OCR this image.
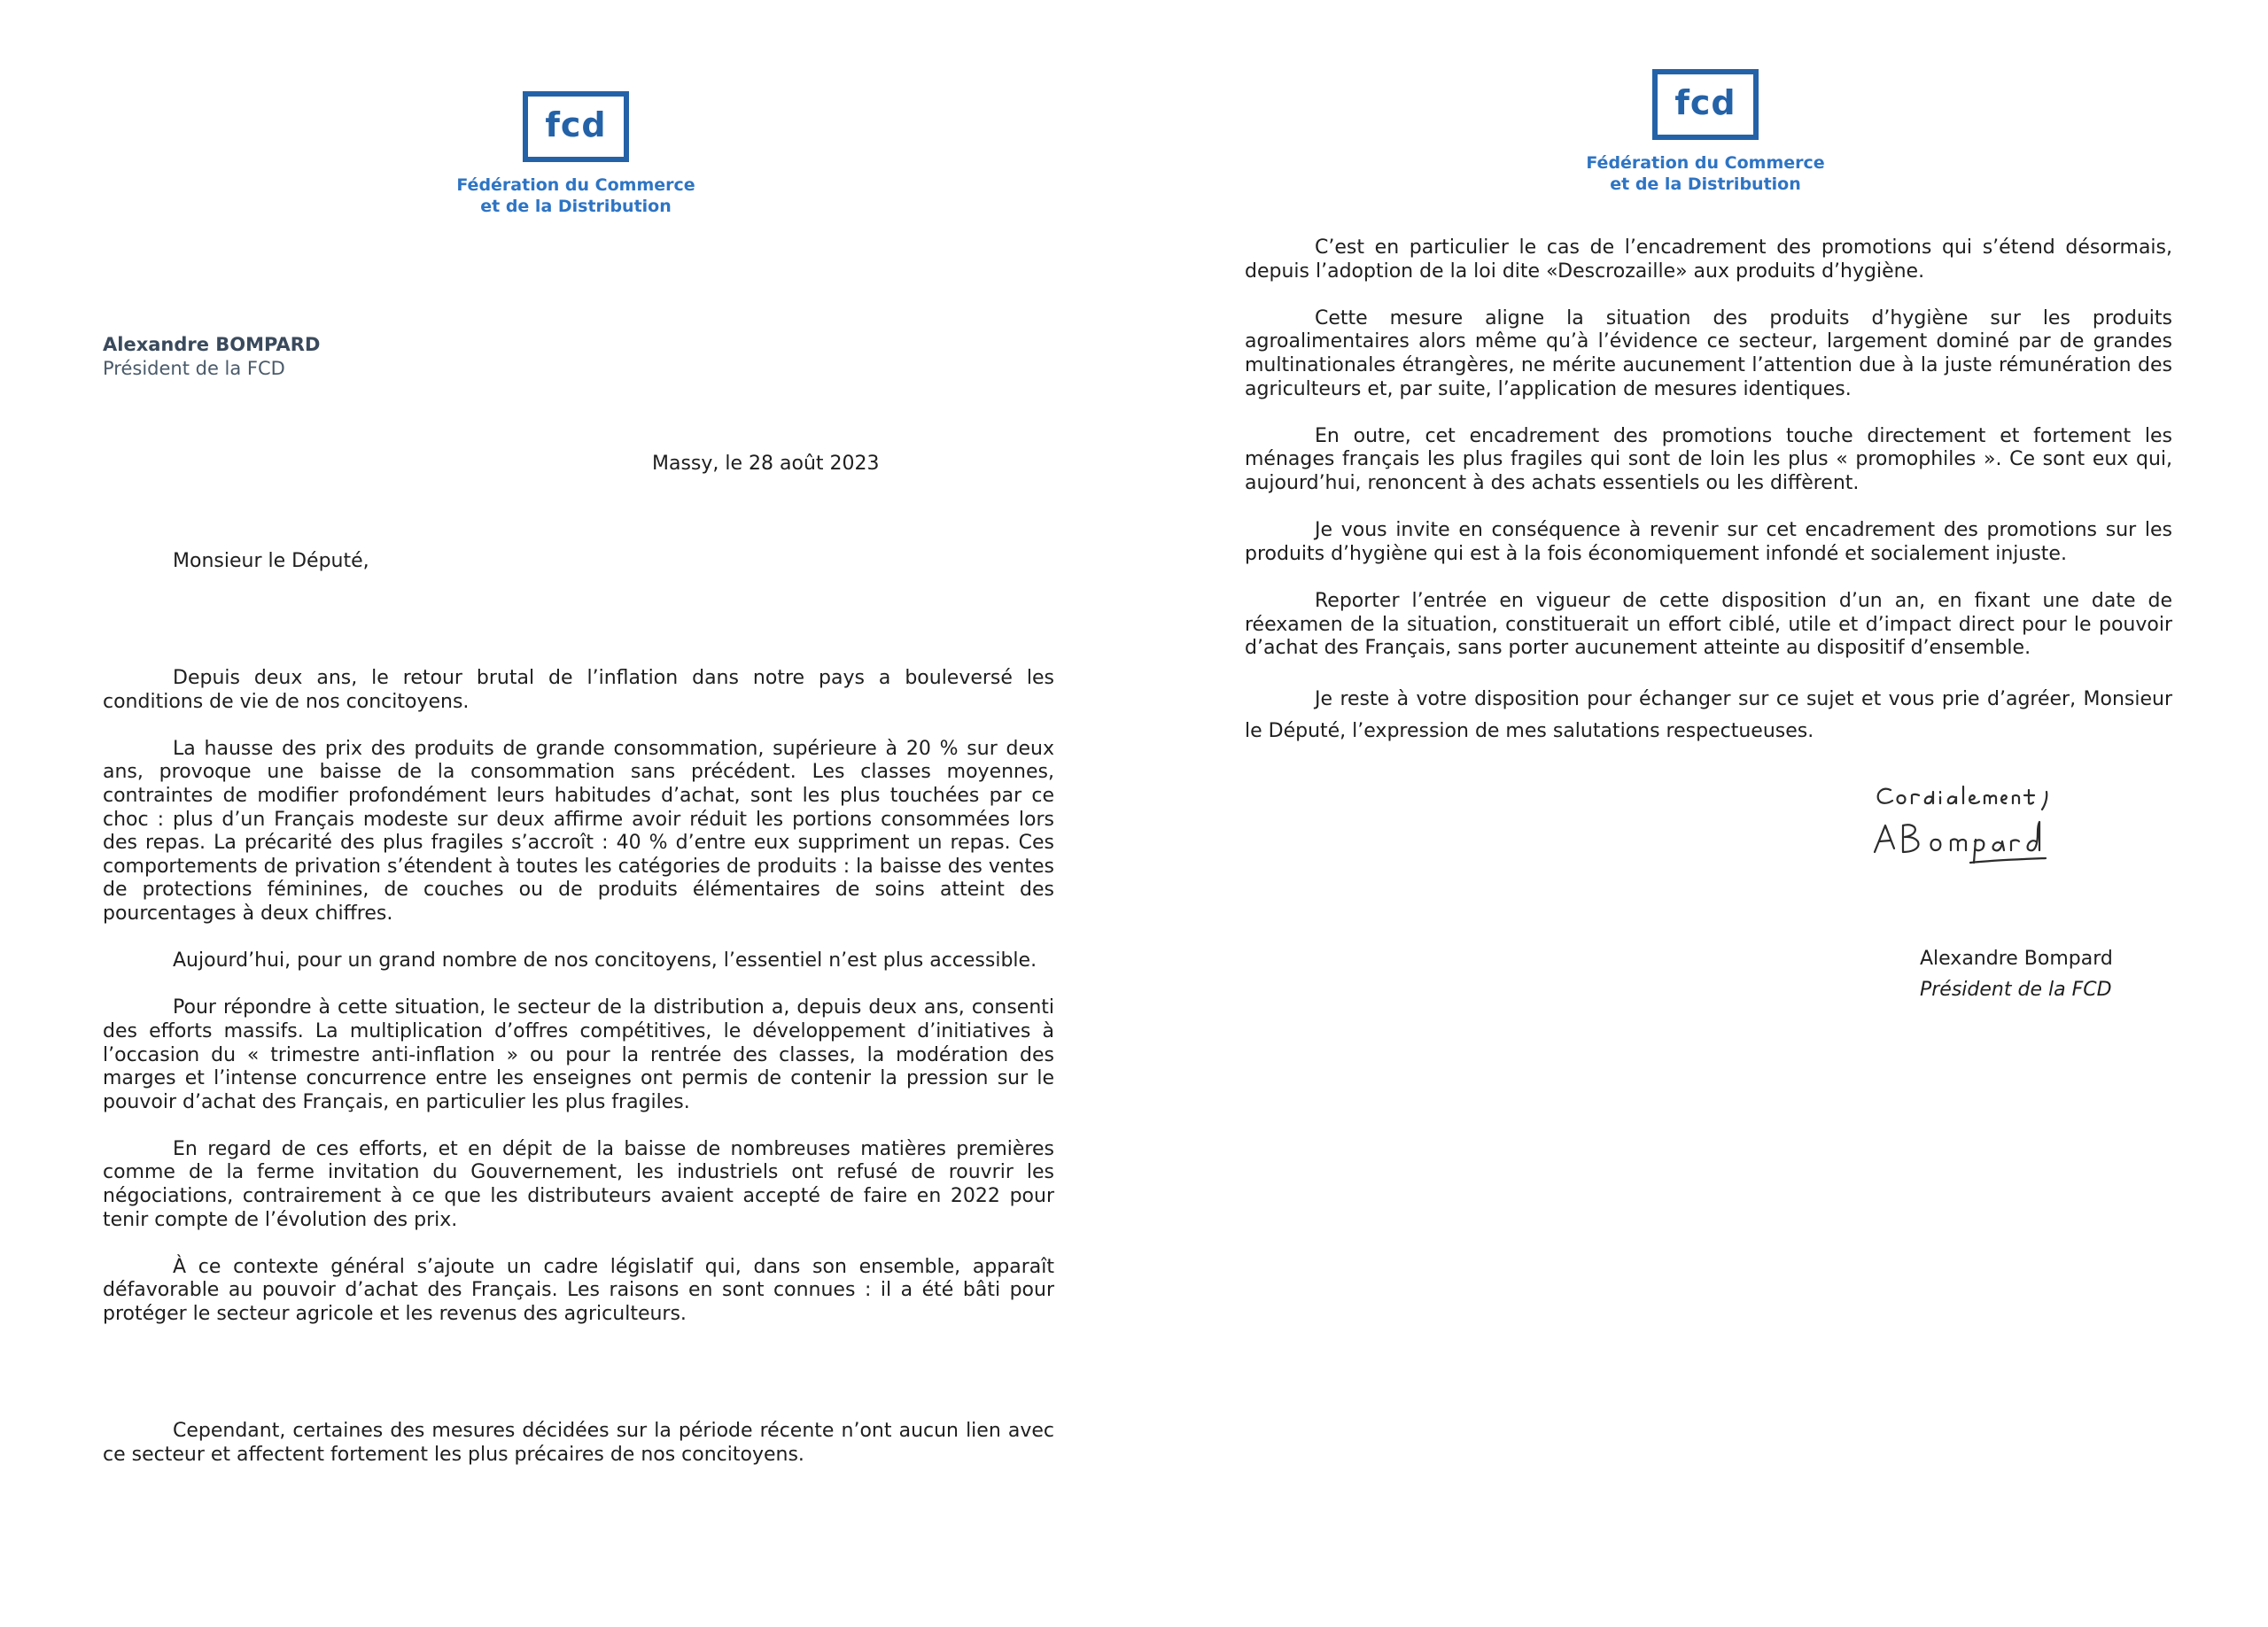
fcd
Fédération du Commerce
et de la Distribution
Alexandre BOMPARD
Président de la FCD
Massy, le 28 août 2023
Monsieur le Député,

Depuis deux ans, le retour brutal de l’inflation dans notre pays a bouleversé les conditions de vie de nos concitoyens.

La hausse des prix des produits de grande consommation, supérieure à 20 % sur deux ans, provoque une baisse de la consommation sans précédent. Les classes moyennes, contraintes de modifier profondément leurs habitudes d’achat, sont les plus touchées par ce choc : plus d’un Français modeste sur deux affirme avoir réduit les portions consommées lors des repas. La précarité des plus fragiles s’accroît : 40 % d’entre eux suppriment un repas. Ces comportements de privation s’étendent à toutes les catégories de produits : la baisse des ventes de protections féminines, de couches ou de produits élémentaires de soins atteint des pourcentages à deux chiffres.

Aujourd’hui, pour un grand nombre de nos concitoyens, l’essentiel n’est plus accessible.

Pour répondre à cette situation, le secteur de la distribution a, depuis deux ans, consenti des efforts massifs. La multiplication d’offres compétitives, le développement d’initiatives à l’occasion du « trimestre anti-inflation » ou pour la rentrée des classes, la modération des marges et l’intense concurrence entre les enseignes ont permis de contenir la pression sur le pouvoir d’achat des Français, en particulier les plus fragiles.

En regard de ces efforts, et en dépit de la baisse de nombreuses matières premières comme de la ferme invitation du Gouvernement, les industriels ont refusé de rouvrir les négociations, contrairement à ce que les distributeurs avaient accepté de faire en 2022 pour tenir compte de l’évolution des prix.

À ce contexte général s’ajoute un cadre législatif qui, dans son ensemble, apparaît défavorable au pouvoir d’achat des Français. Les raisons en sont connues : il a été bâti pour protéger le secteur agricole et les revenus des agriculteurs.

Cependant, certaines des mesures décidées sur la période récente n’ont aucun lien avec ce secteur et affectent fortement les plus précaires de nos concitoyens.

fcd
Fédération du Commerce
et de la Distribution

C’est en particulier le cas de l’encadrement des promotions qui s’étend désormais, depuis l’adoption de la loi dite «Descrozaille» aux produits d’hygiène.

Cette mesure aligne la situation des produits d’hygiène sur les produits agroalimentaires alors même qu’à l’évidence ce secteur, largement dominé par de grandes multinationales étrangères, ne mérite aucunement l’attention due à la juste rémunération des agriculteurs et, par suite, l’application de mesures identiques.

En outre, cet encadrement des promotions touche directement et fortement les ménages français les plus fragiles qui sont de loin les plus « promophiles ». Ce sont eux qui, aujourd’hui, renoncent à des achats essentiels ou les diffèrent.

Je vous invite en conséquence à revenir sur cet encadrement des promotions sur les produits d’hygiène qui est à la fois économiquement infondé et socialement injuste.

Reporter l’entrée en vigueur de cette disposition d’un an, en fixant une date de réexamen de la situation, constituerait un effort ciblé, utile et d’impact direct pour le pouvoir d’achat des Français, sans porter aucunement atteinte au dispositif d’ensemble.

Je reste à votre disposition pour échanger sur ce sujet et vous prie d’agréer, Monsieur le Député, l’expression de mes salutations respectueuses.

Alexandre Bompard
Président de la FCD
